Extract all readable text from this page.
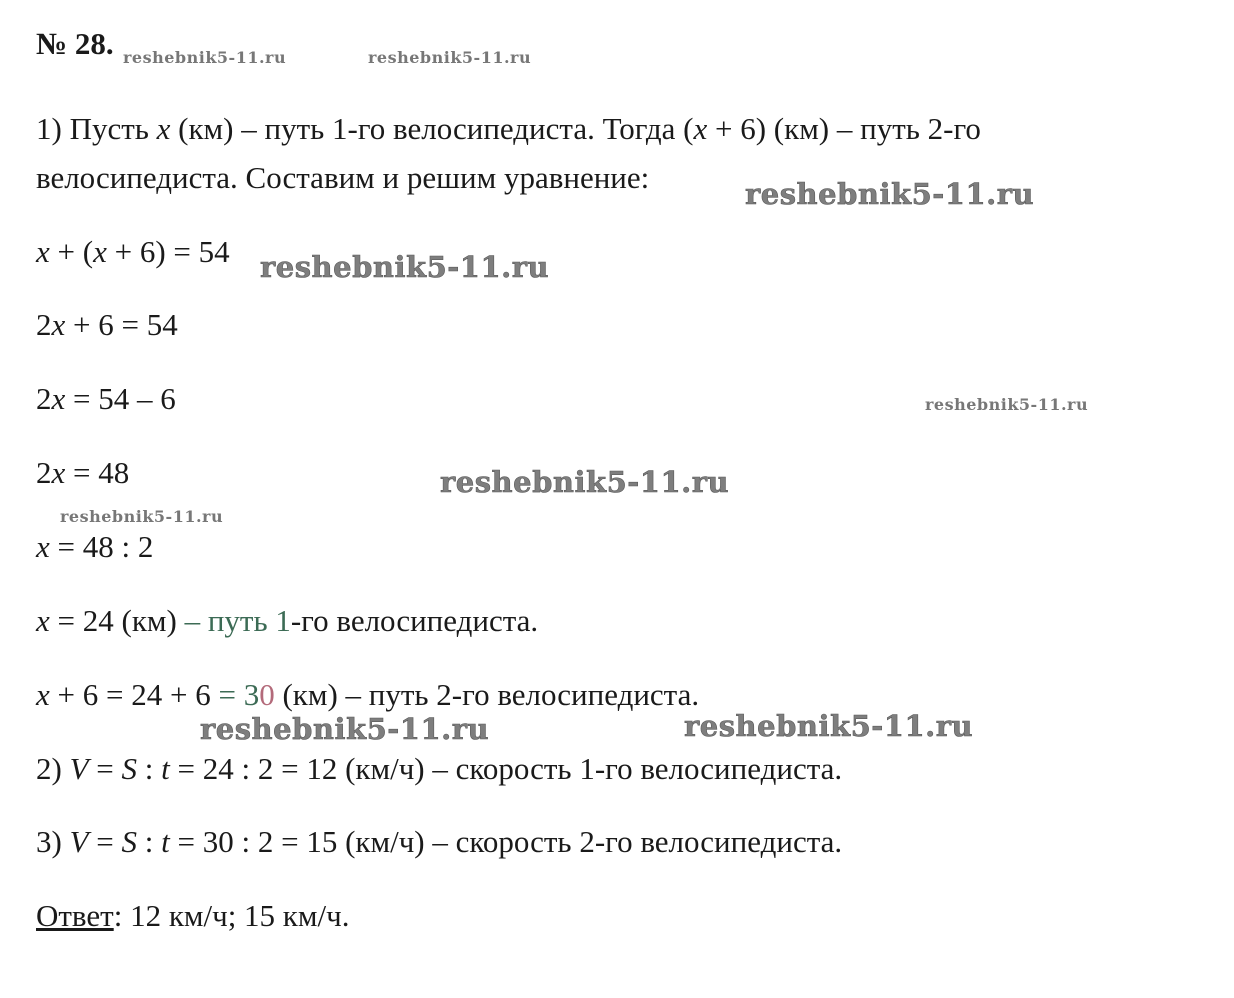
№ 28. reshebnik5-11.ru	reshebnik5-11.ru
reshebnik5-11.ru
reshebnik5-11.ru
reshebnik5-11.ru
reshebnik5-11.ru
reshebnik5-11.ru
reshebnik5-11.ru	reshebnik5-11.ru
1) Пусть x (км) – путь 1-го велосипедиста. Тогда (x + 6) (км) – путь 2-го
велосипедиста. Составим и решим уравнение:
x + (x + 6) = 54
2x + 6 = 54
2x = 54 – 6
2x = 48
x = 48 : 2
x = 24 (км) – путь 1-го велосипедиста.
x + 6 = 24 + 6 = 30 (км) – путь 2-го велосипедиста.
2) V = S : t = 24 : 2 = 12 (км/ч) – скорость 1-го велосипедиста.
3) V = S : t = 30 : 2 = 15 (км/ч) – скорость 2-го велосипедиста.
Ответ: 12 км/ч; 15 км/ч.
